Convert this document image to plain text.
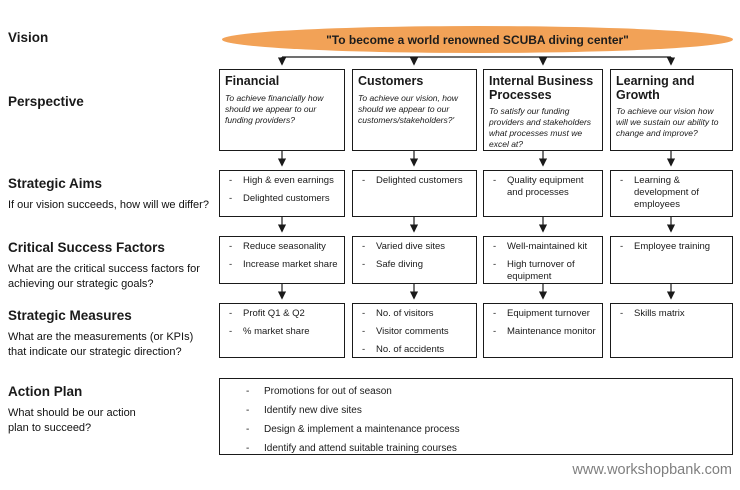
Vision
Perspective
Strategic Aims

If our vision succeeds, how will we differ?

Critical Success Factors

What are the critical success factors for achieving our strategic goals?

Strategic Measures

What are the measurements (or KPIs) that indicate our strategic direction?

Action Plan

What should be our action plan to succeed?

"To become a world renowned SCUBA diving center"
Financial
To achieve financially how should we appear to our funding providers?
Customers
To achieve our vision, how should we appear to our customers/stakeholders?'
Internal Business Processes
To satisfy our funding providers and stakeholders what processes must we excel at?
Learning and Growth
To achieve our vision how will we sustain our ability to change and improve?
- High & even earnings
- Delighted customers
- Delighted customers	- Quality equipment and processes
- Learning & development of employees
- Reduce seasonality
- Increase market share
- Varied dive sites
- Safe diving
- Well-maintained kit
- High turnover of equipment
- Employee training
- Profit Q1 & Q2
- % market share
- No. of visitors
- Visitor comments
- No. of accidents
- Equipment turnover
- Maintenance monitor
- Skills matrix
- Promotions for out of season
- Identify new dive sites
- Design & implement a maintenance process
- Identify and attend suitable training courses
www.workshopbank.com
